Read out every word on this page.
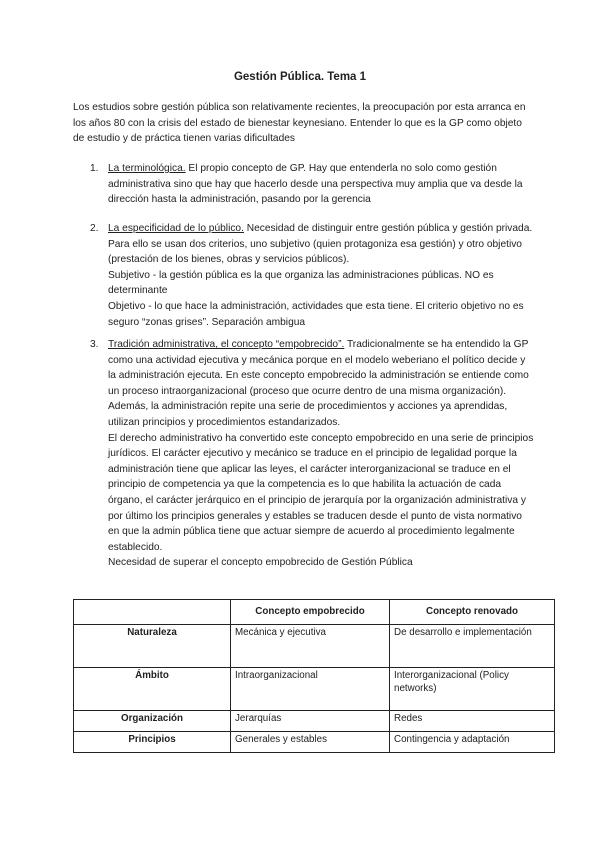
Gestión Pública. Tema 1

Los estudios sobre gestión pública son relativamente recientes, la preocupación por esta arranca en los años 80 con la crisis del estado de bienestar keynesiano. Entender lo que es la GP como objeto de estudio y de práctica tienen varias dificultades

1. La terminológica. El propio concepto de GP. Hay que entenderla no solo como gestión administrativa sino que hay que hacerlo desde una perspectiva muy amplia que va desde la dirección hasta la administración, pasando por la gerencia

2. La especificidad de lo público. Necesidad de distinguir entre gestión pública y gestión privada. Para ello se usan dos criterios, uno subjetivo (quien protagoniza esa gestión) y otro objetivo (prestación de los bienes, obras y servicios públicos).

Subjetivo - la gestión pública es la que organiza las administraciones públicas. NO es determinante

Objetivo - lo que hace la administración, actividades que esta tiene. El criterio objetivo no es seguro “zonas grises”. Separación ambigua

3. Tradición administrativa, el concepto “empobrecido”. Tradicionalmente se ha entendido la GP como una actividad ejecutiva y mecánica porque en el modelo weberiano el político decide y la administración ejecuta. En este concepto empobrecido la administración se entiende como un proceso intraorganizacional (proceso que ocurre dentro de una misma organización). Además, la administración repite una serie de procedimientos y acciones ya aprendidas, utilizan principios y procedimientos estandarizados.

El derecho administrativo ha convertido este concepto empobrecido en una serie de principios jurídicos. El carácter ejecutivo y mecánico se traduce en el principio de legalidad porque la administración tiene que aplicar las leyes, el carácter interorganizacional se traduce en el principio de competencia ya que la competencia es lo que habilita la actuación de cada órgano, el carácter jerárquico en el principio de jerarquía por la organización administrativa y por último los principios generales y estables se traducen desde el punto de vista normativo en que la admin pública tiene que actuar siempre de acuerdo al procedimiento legalmente establecido.

Necesidad de superar el concepto empobrecido de Gestión Pública

	Concepto empobrecido	Concepto renovado
Naturaleza	Mecánica y ejecutiva	De desarrollo e implementación
Ámbito	Intraorganizacional	Interorganizacional (Policy networks)
Organización	Jerarquías	Redes
Principios	Generales y estables	Contingencia y adaptación
